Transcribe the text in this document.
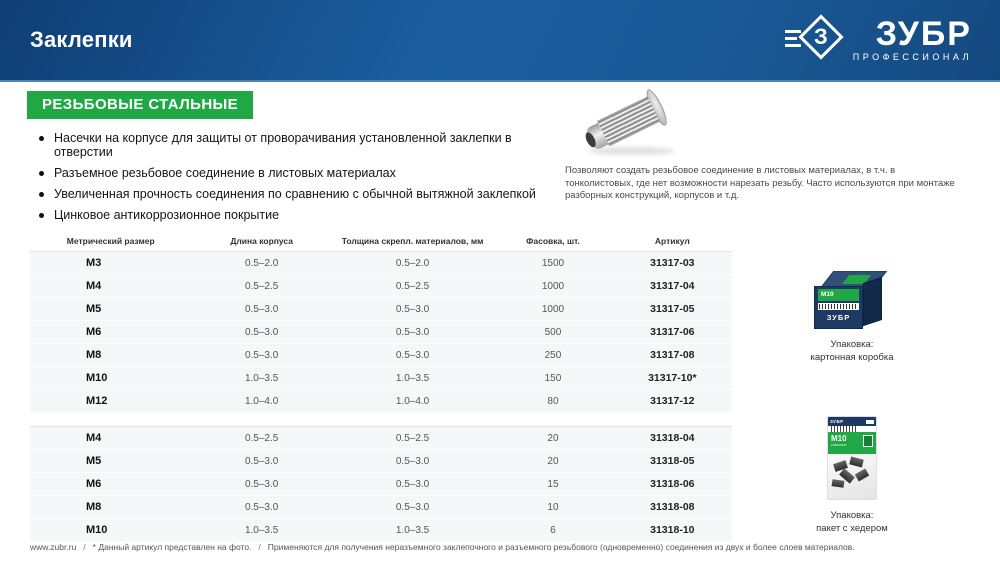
Заклепки	З	ЗУБР
ПРОФЕССИОНАЛ
РЕЗЬБОВЫЕ СТАЛЬНЫЕ
Насечки на корпусе для защиты от проворачивания установленной заклепки в отверстии
Разъемное резьбовое соединение в листовых материалах
Увеличенная прочность соединения по сравнению с обычной вытяжной заклепкой
Цинковое антикоррозионное покрытие
Позволяют создать резьбовое соединение в листовых материалах, в т.ч. в тонколистовых, где нет возможности нарезать резьбу. Часто используются при монтаже разборных конструкций, корпусов и т.д.
Метрический размер	Длина корпуса	Толщина скрепл. материалов, мм	Фасовка, шт.	Артикул
M3	0.5–2.0	0.5–2.0	1500	31317-03
M4	0.5–2.5	0.5–2.5	1000	31317-04
M5	0.5–3.0	0.5–3.0	1000	31317-05
M6	0.5–3.0	0.5–3.0	500	31317-06
M8	0.5–3.0	0.5–3.0	250	31317-08
M10	1.0–3.5	1.0–3.5	150	31317-10*
M12	1.0–4.0	1.0–4.0	80	31317-12
M4	0.5–2.5	0.5–2.5	20	31318-04
M5	0.5–3.0	0.5–3.0	20	31318-05
M6	0.5–3.0	0.5–3.0	15	31318-06
M8	0.5–3.0	0.5–3.0	10	31318-08
M10	1.0–3.5	1.0–3.5	6	31318-10
M10
ЗУБР
Упаковка:
картонная коробка
ЗУБР
M10
стальные
Упаковка:
пакет с хедером
www.zubr.ru / * Данный артикул представлен на фото. / Применяются для получения неразъемного заклепочного и разъемного резьбового (одновременно) соединения из двух и более слоев материалов.
